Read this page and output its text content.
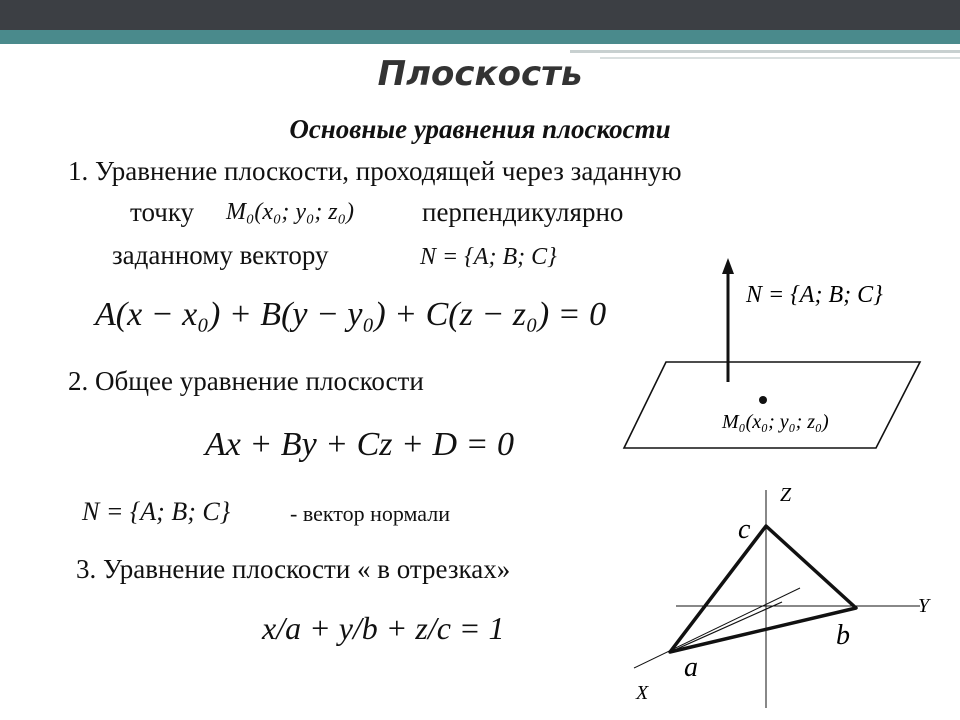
Плоскость
Основные уравнения плоскости
1. Уравнение плоскости, проходящей через заданную
точку M₀(x₀; y₀; z₀)	перпендикулярно
заданному вектору	N = {A; B; C}
A(x − x₀) + B(y − y₀) + C(z − z₀) = 0
2. Общее уравнение плоскости
Ax + By + Cz + D = 0
N = {A; B; C}	- вектор нормали
3. Уравнение плоскости « в отрезках»
x/a + y/b + z/c = 1
N = {A; B; C}
M₀(x₀; y₀; z₀)
Z
Y
X
c
b
a
